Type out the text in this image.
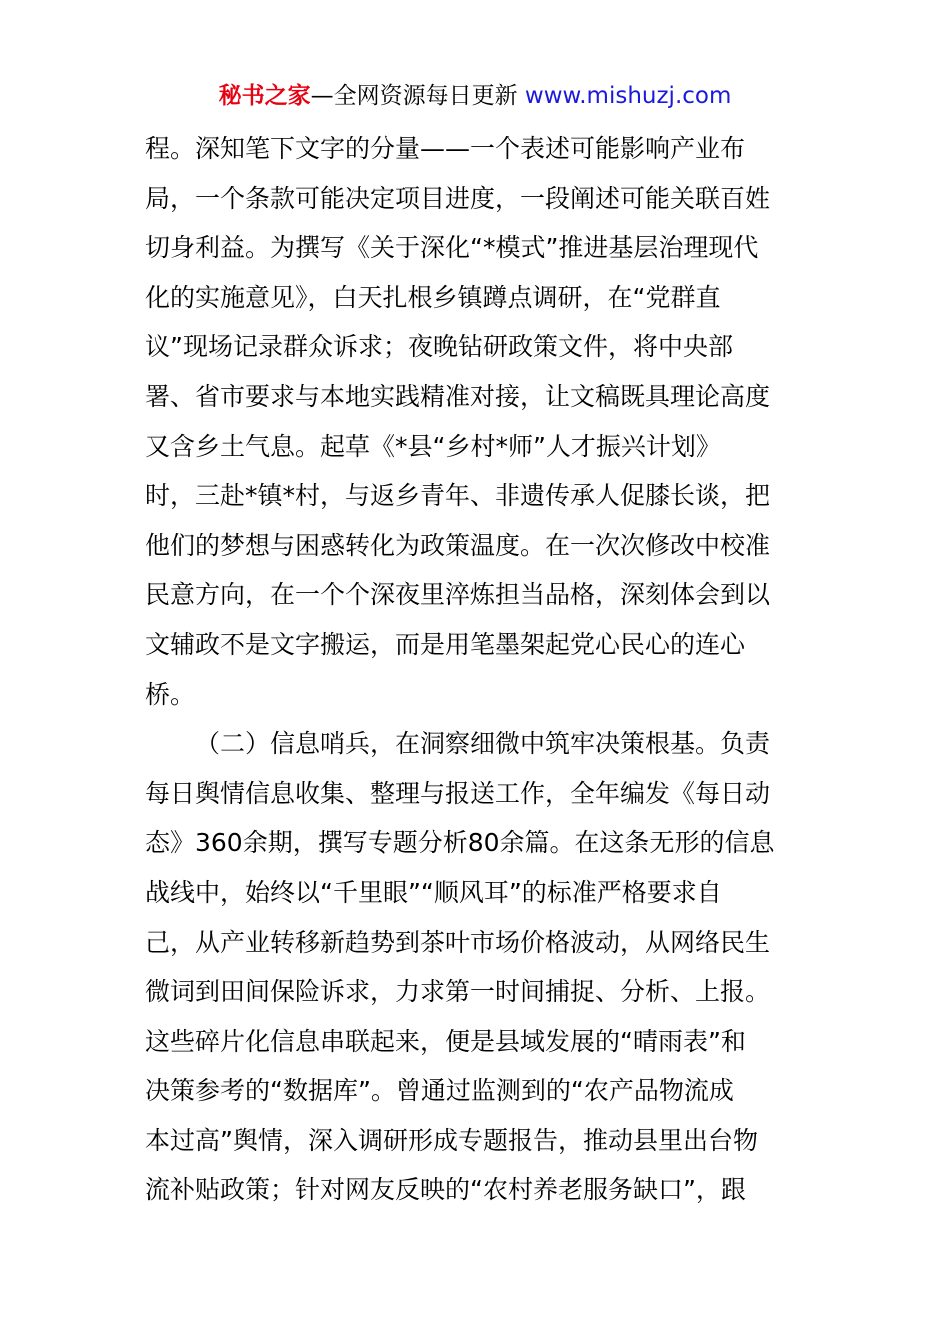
秘书之家—全网资源每日更新 www.mishuzj.com
程。深知笔下文字的分量——一个表述可能影响产业布
局，一个条款可能决定项目进度，一段阐述可能关联百姓
切身利益。为撰写《关于深化“*模式”推进基层治理现代
化的实施意见》，白天扎根乡镇蹲点调研，在“党群直
议”现场记录群众诉求；夜晚钻研政策文件，将中央部
署、省市要求与本地实践精准对接，让文稿既具理论高度
又含乡土气息。起草《*县“乡村*师”人才振兴计划》
时，三赴*镇*村，与返乡青年、非遗传承人促膝长谈，把
他们的梦想与困惑转化为政策温度。在一次次修改中校准
民意方向，在一个个深夜里淬炼担当品格，深刻体会到以
文辅政不是文字搬运，而是用笔墨架起党心民心的连心
桥。
（二）信息哨兵，在洞察细微中筑牢决策根基。负责
每日舆情信息收集、整理与报送工作，全年编发《每日动
态》360余期，撰写专题分析80余篇。在这条无形的信息
战线中，始终以“千里眼”“顺风耳”的标准严格要求自
己，从产业转移新趋势到茶叶市场价格波动，从网络民生
微词到田间保险诉求，力求第一时间捕捉、分析、上报。
这些碎片化信息串联起来，便是县域发展的“晴雨表”和
决策参考的“数据库”。曾通过监测到的“农产品物流成
本过高”舆情，深入调研形成专题报告，推动县里出台物
流补贴政策；针对网友反映的“农村养老服务缺口”，跟
